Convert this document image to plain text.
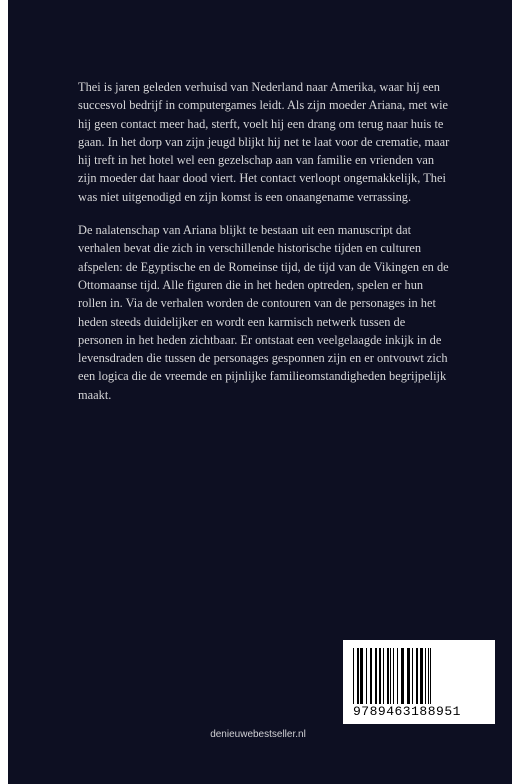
Thei is jaren geleden verhuisd van Nederland naar Amerika, waar hij een succesvol bedrijf in computergames leidt. Als zijn moeder Ariana, met wie hij geen contact meer had, sterft, voelt hij een drang om terug naar huis te gaan. In het dorp van zijn jeugd blijkt hij net te laat voor de crematie, maar hij treft in het hotel wel een gezelschap aan van familie en vrienden van zijn moeder dat haar dood viert. Het contact verloopt ongemakkelijk, Thei was niet uitgenodigd en zijn komst is een onaangename verrassing.

De nalatenschap van Ariana blijkt te bestaan uit een manuscript dat verhalen bevat die zich in verschillende historische tijden en culturen afspelen: de Egyptische en de Romeinse tijd, de tijd van de Vikingen en de Ottomaanse tijd. Alle figuren die in het heden optreden, spelen er hun rollen in. Via de verhalen worden de contouren van de personages in het heden steeds duidelijker en wordt een karmisch netwerk tussen de personen in het heden zichtbaar. Er ontstaat een veelgelaagde inkijk in de levensdraden die tussen de personages gesponnen zijn en er ontvouwt zich een logica die de vreemde en pijnlijke familieomstandigheden begrijpelijk maakt.

9789463188951
denieuwebestseller.nl
